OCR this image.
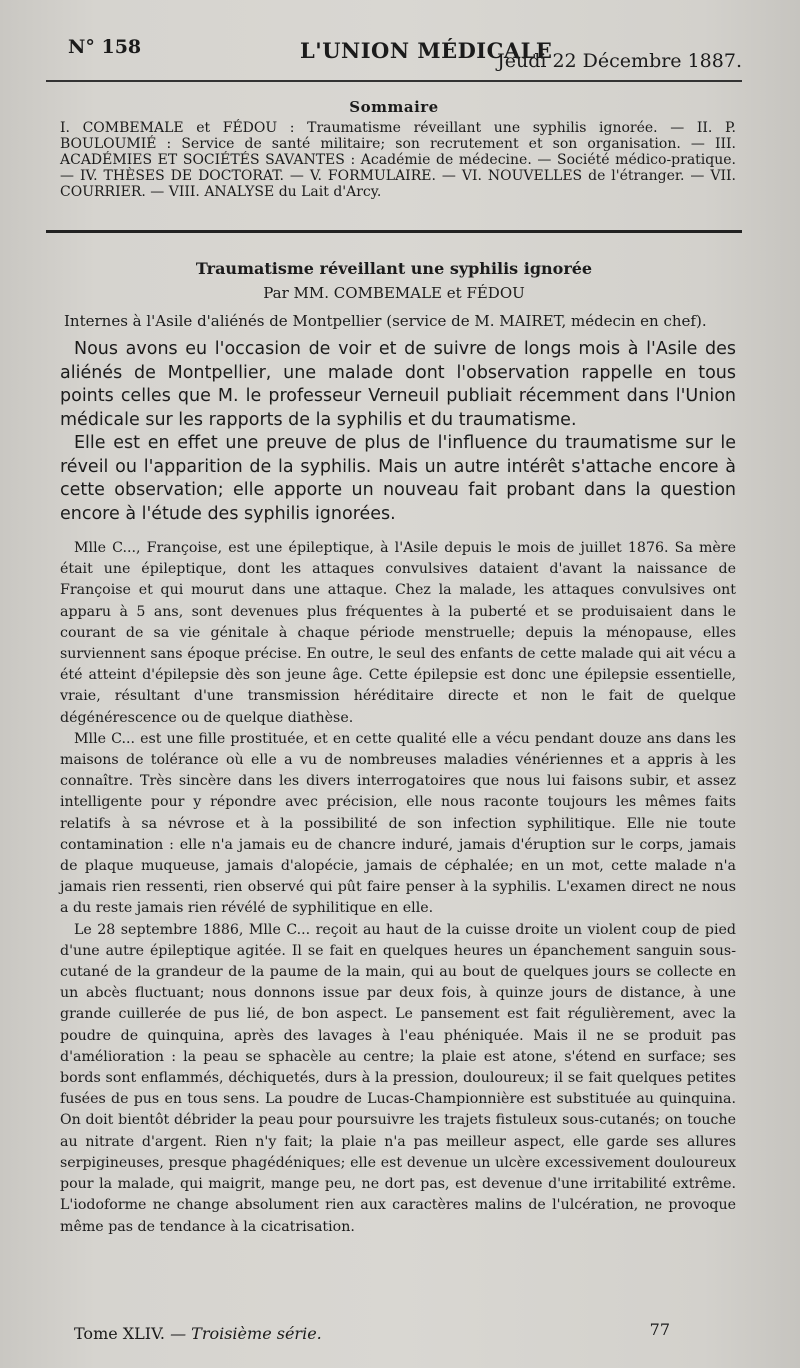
N° 158	L'UNION MÉDICALE
Jeudi 22 Décembre 1887.
Sommaire
I. COMBEMALE et FÉDOU : Traumatisme réveillant une syphilis ignorée. — II. P. BOULOUMIÉ : Service de santé militaire; son recrutement et son organisation. — III. ACADÉMIES ET SOCIÉTÉS SAVANTES : Académie de médecine. — Société médico-pratique. — IV. THÈSES DE DOCTORAT. — V. FORMULAIRE. — VI. NOUVELLES de l'étranger. — VII. COURRIER. — VIII. ANALYSE du Lait d'Arcy.
Traumatisme réveillant une syphilis ignorée
Par MM. COMBEMALE et FÉDOU
Internes à l'Asile d'aliénés de Montpellier (service de M. MAIRET, médecin en chef).

Nous avons eu l'occasion de voir et de suivre de longs mois à l'Asile des aliénés de Montpellier, une malade dont l'observation rappelle en tous points celles que M. le professeur Verneuil publiait récemment dans l'Union médicale sur les rapports de la syphilis et du traumatisme.

Elle est en effet une preuve de plus de l'influence du traumatisme sur le réveil ou l'apparition de la syphilis. Mais un autre intérêt s'attache encore à cette observation; elle apporte un nouveau fait probant dans la question encore à l'étude des syphilis ignorées.

Mlle C..., Françoise, est une épileptique, à l'Asile depuis le mois de juillet 1876. Sa mère était une épileptique, dont les attaques convulsives dataient d'avant la naissance de Françoise et qui mourut dans une attaque. Chez la malade, les attaques convulsives ont apparu à 5 ans, sont devenues plus fréquentes à la puberté et se produisaient dans le courant de sa vie génitale à chaque période menstruelle; depuis la ménopause, elles surviennent sans époque précise. En outre, le seul des enfants de cette malade qui ait vécu a été atteint d'épilepsie dès son jeune âge. Cette épilepsie est donc une épilepsie essentielle, vraie, résultant d'une transmission héréditaire directe et non le fait de quelque dégénérescence ou de quelque diathèse.

Mlle C... est une fille prostituée, et en cette qualité elle a vécu pendant douze ans dans les maisons de tolérance où elle a vu de nombreuses maladies vénériennes et a appris à les connaître. Très sincère dans les divers interrogatoires que nous lui faisons subir, et assez intelligente pour y répondre avec précision, elle nous raconte toujours les mêmes faits relatifs à sa névrose et à la possibilité de son infection syphilitique. Elle nie toute contamination : elle n'a jamais eu de chancre induré, jamais d'éruption sur le corps, jamais de plaque muqueuse, jamais d'alopécie, jamais de céphalée; en un mot, cette malade n'a jamais rien ressenti, rien observé qui pût faire penser à la syphilis. L'examen direct ne nous a du reste jamais rien révélé de syphilitique en elle.

Le 28 septembre 1886, Mlle C... reçoit au haut de la cuisse droite un violent coup de pied d'une autre épileptique agitée. Il se fait en quelques heures un épanchement sanguin sous-cutané de la grandeur de la paume de la main, qui au bout de quelques jours se collecte en un abcès fluctuant; nous donnons issue par deux fois, à quinze jours de distance, à une grande cuillerée de pus lié, de bon aspect. Le pansement est fait régulièrement, avec la poudre de quinquina, après des lavages à l'eau phéniquée. Mais il ne se produit pas d'amélioration : la peau se sphacèle au centre; la plaie est atone, s'étend en surface; ses bords sont enflammés, déchiquetés, durs à la pression, douloureux; il se fait quelques petites fusées de pus en tous sens. La poudre de Lucas-Championnière est substituée au quinquina. On doit bientôt débrider la peau pour poursuivre les trajets fistuleux sous-cutanés; on touche au nitrate d'argent. Rien n'y fait; la plaie n'a pas meilleur aspect, elle garde ses allures serpigineuses, presque phagédéniques; elle est devenue un ulcère excessivement douloureux pour la malade, qui maigrit, mange peu, ne dort pas, est devenue d'une irritabilité extrême. L'iodoforme ne change absolument rien aux caractères malins de l'ulcération, ne provoque même pas de tendance à la cicatrisation.

Tome XLIV. — Troisième série.	77
